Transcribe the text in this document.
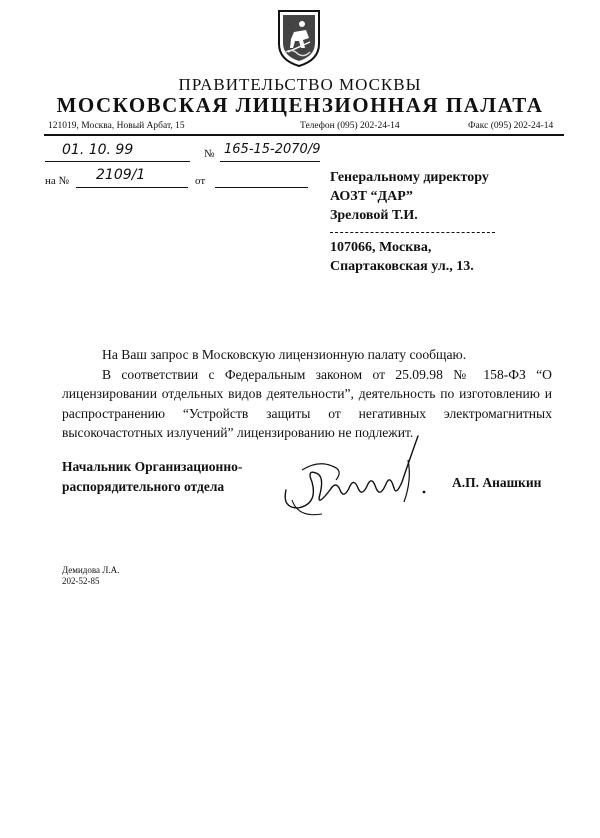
ПРАВИТЕЛЬСТВО МОСКВЫ
МОСКОВСКАЯ ЛИЦЕНЗИОННАЯ ПАЛАТА
121019, Москва, Новый Арбат, 15	Телефон (095) 202-24-14	Факс (095) 202-24-14
01. 10. 99	№ 165-15-2070/9
на № 2109/1	от	Генеральному директору
АОЗТ “ДАР”
Зреловой Т.И.
107066, Москва,
Спартаковская ул., 13.

На Ваш запрос в Московскую лицензионную палату сообщаю.

В соответствии с Федеральным законом от 25.09.98 № 158-ФЗ “О лицензировании отдельных видов деятельности”, деятельность по изготовлению и распространению “Устройств защиты от негативных электромагнитных высокочастотных излучений” лицензированию не подлежит.

Начальник Организационно-
распорядительного отдела	А.П. Анашкин
Демидова Л.А.
202-52-85
